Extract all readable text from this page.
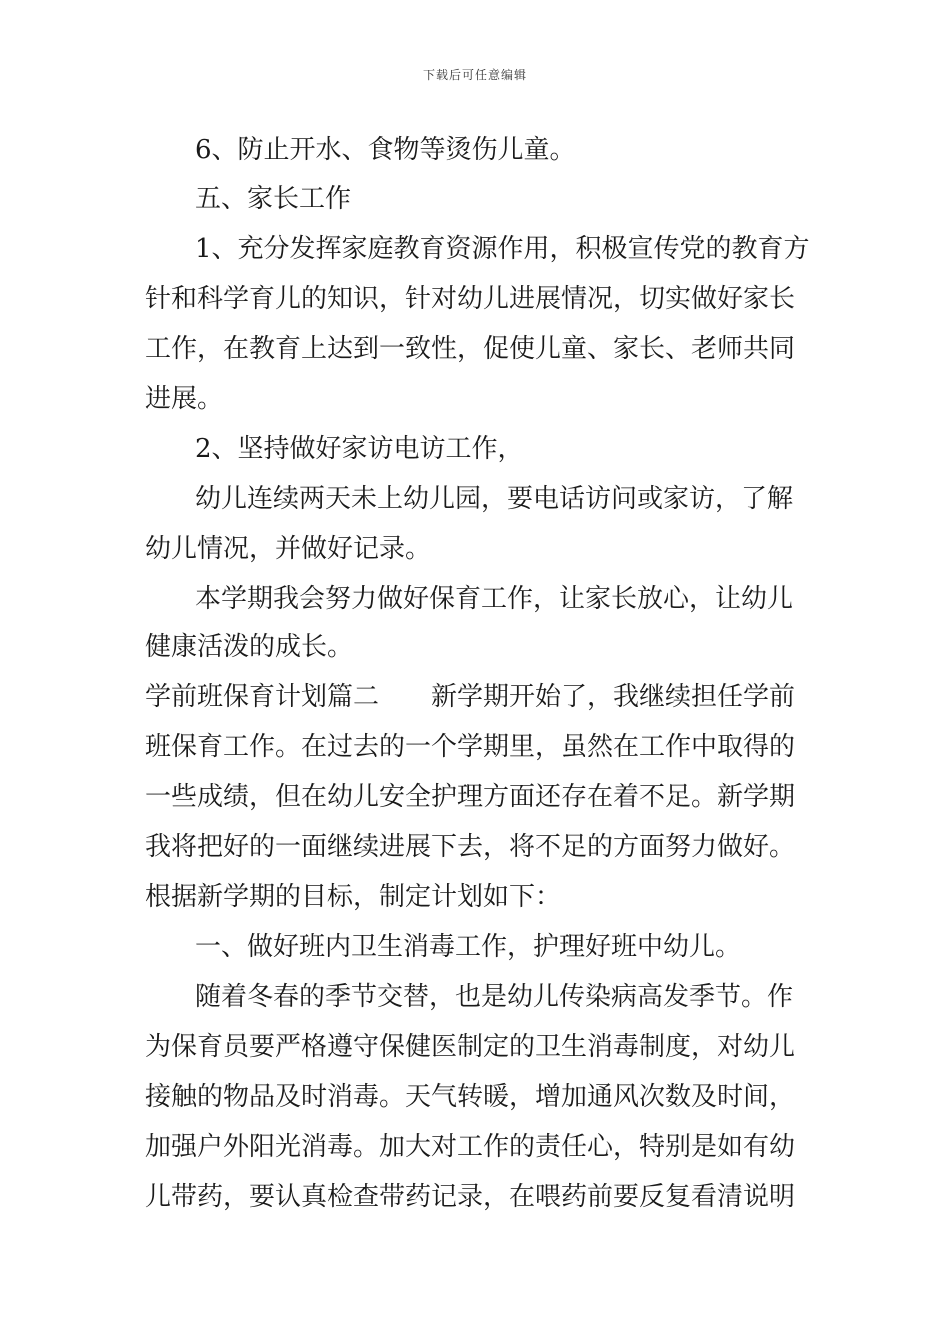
下载后可任意编辑
6、防止开水、食物等烫伤儿童。
五、家长工作
1、充分发挥家庭教育资源作用，积极宣传党的教育方
针和科学育儿的知识，针对幼儿进展情况，切实做好家长
工作，在教育上达到一致性，促使儿童、家长、老师共同
进展。
2、坚持做好家访电访工作，
幼儿连续两天未上幼儿园，要电话访问或家访，了解
幼儿情况，并做好记录。
本学期我会努力做好保育工作，让家长放心，让幼儿
健康活泼的成长。
学前班保育计划篇二　　新学期开始了，我继续担任学前
班保育工作。在过去的一个学期里，虽然在工作中取得的
一些成绩，但在幼儿安全护理方面还存在着不足。新学期
我将把好的一面继续进展下去，将不足的方面努力做好。
根据新学期的目标，制定计划如下：
一、做好班内卫生消毒工作，护理好班中幼儿。
随着冬春的季节交替，也是幼儿传染病高发季节。作
为保育员要严格遵守保健医制定的卫生消毒制度，对幼儿
接触的物品及时消毒。天气转暖，增加通风次数及时间，
加强户外阳光消毒。加大对工作的责任心，特别是如有幼
儿带药，要认真检查带药记录，在喂药前要反复看清说明
